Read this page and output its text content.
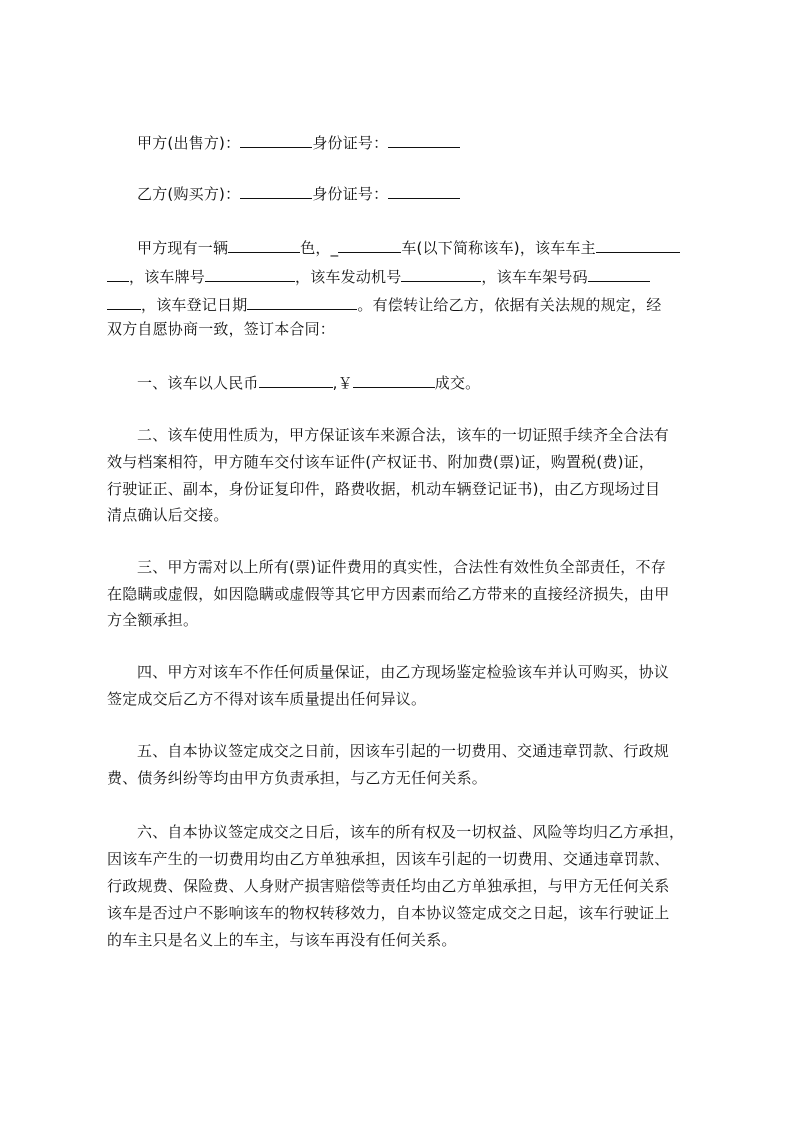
甲方(出售方)：	身份证号：
乙方(购买方)：	身份证号：
甲方现有一辆	色，_	车(以下简称该车)，该车车主
，该车牌号	，该车发动机号	，该车车架号码
，该车登记日期	。有偿转让给乙方，依据有关法规的规定，经
双方自愿协商一致，签订本合同：
一、该车以人民币	,￥	成交。
二、该车使用性质为，甲方保证该车来源合法，该车的一切证照手续齐全合法有
效与档案相符，甲方随车交付该车证件(产权证书、附加费(票)证，购置税(费)证，
行驶证正、副本，身份证复印件，路费收据，机动车辆登记证书)，由乙方现场过目
清点确认后交接。
三、甲方需对以上所有(票)证件费用的真实性，合法性有效性负全部责任，不存
在隐瞒或虚假，如因隐瞒或虚假等其它甲方因素而给乙方带来的直接经济损失，由甲
方全额承担。
四、甲方对该车不作任何质量保证，由乙方现场鉴定检验该车并认可购买，协议
签定成交后乙方不得对该车质量提出任何异议。
五、自本协议签定成交之日前，因该车引起的一切费用、交通违章罚款、行政规
费、债务纠纷等均由甲方负责承担，与乙方无任何关系。
六、自本协议签定成交之日后，该车的所有权及一切权益、风险等均归乙方承担，
因该车产生的一切费用均由乙方单独承担，因该车引起的一切费用、交通违章罚款、
行政规费、保险费、人身财产损害赔偿等责任均由乙方单独承担，与甲方无任何关系
该车是否过户不影响该车的物权转移效力，自本协议签定成交之日起，该车行驶证上
的车主只是名义上的车主，与该车再没有任何关系。
